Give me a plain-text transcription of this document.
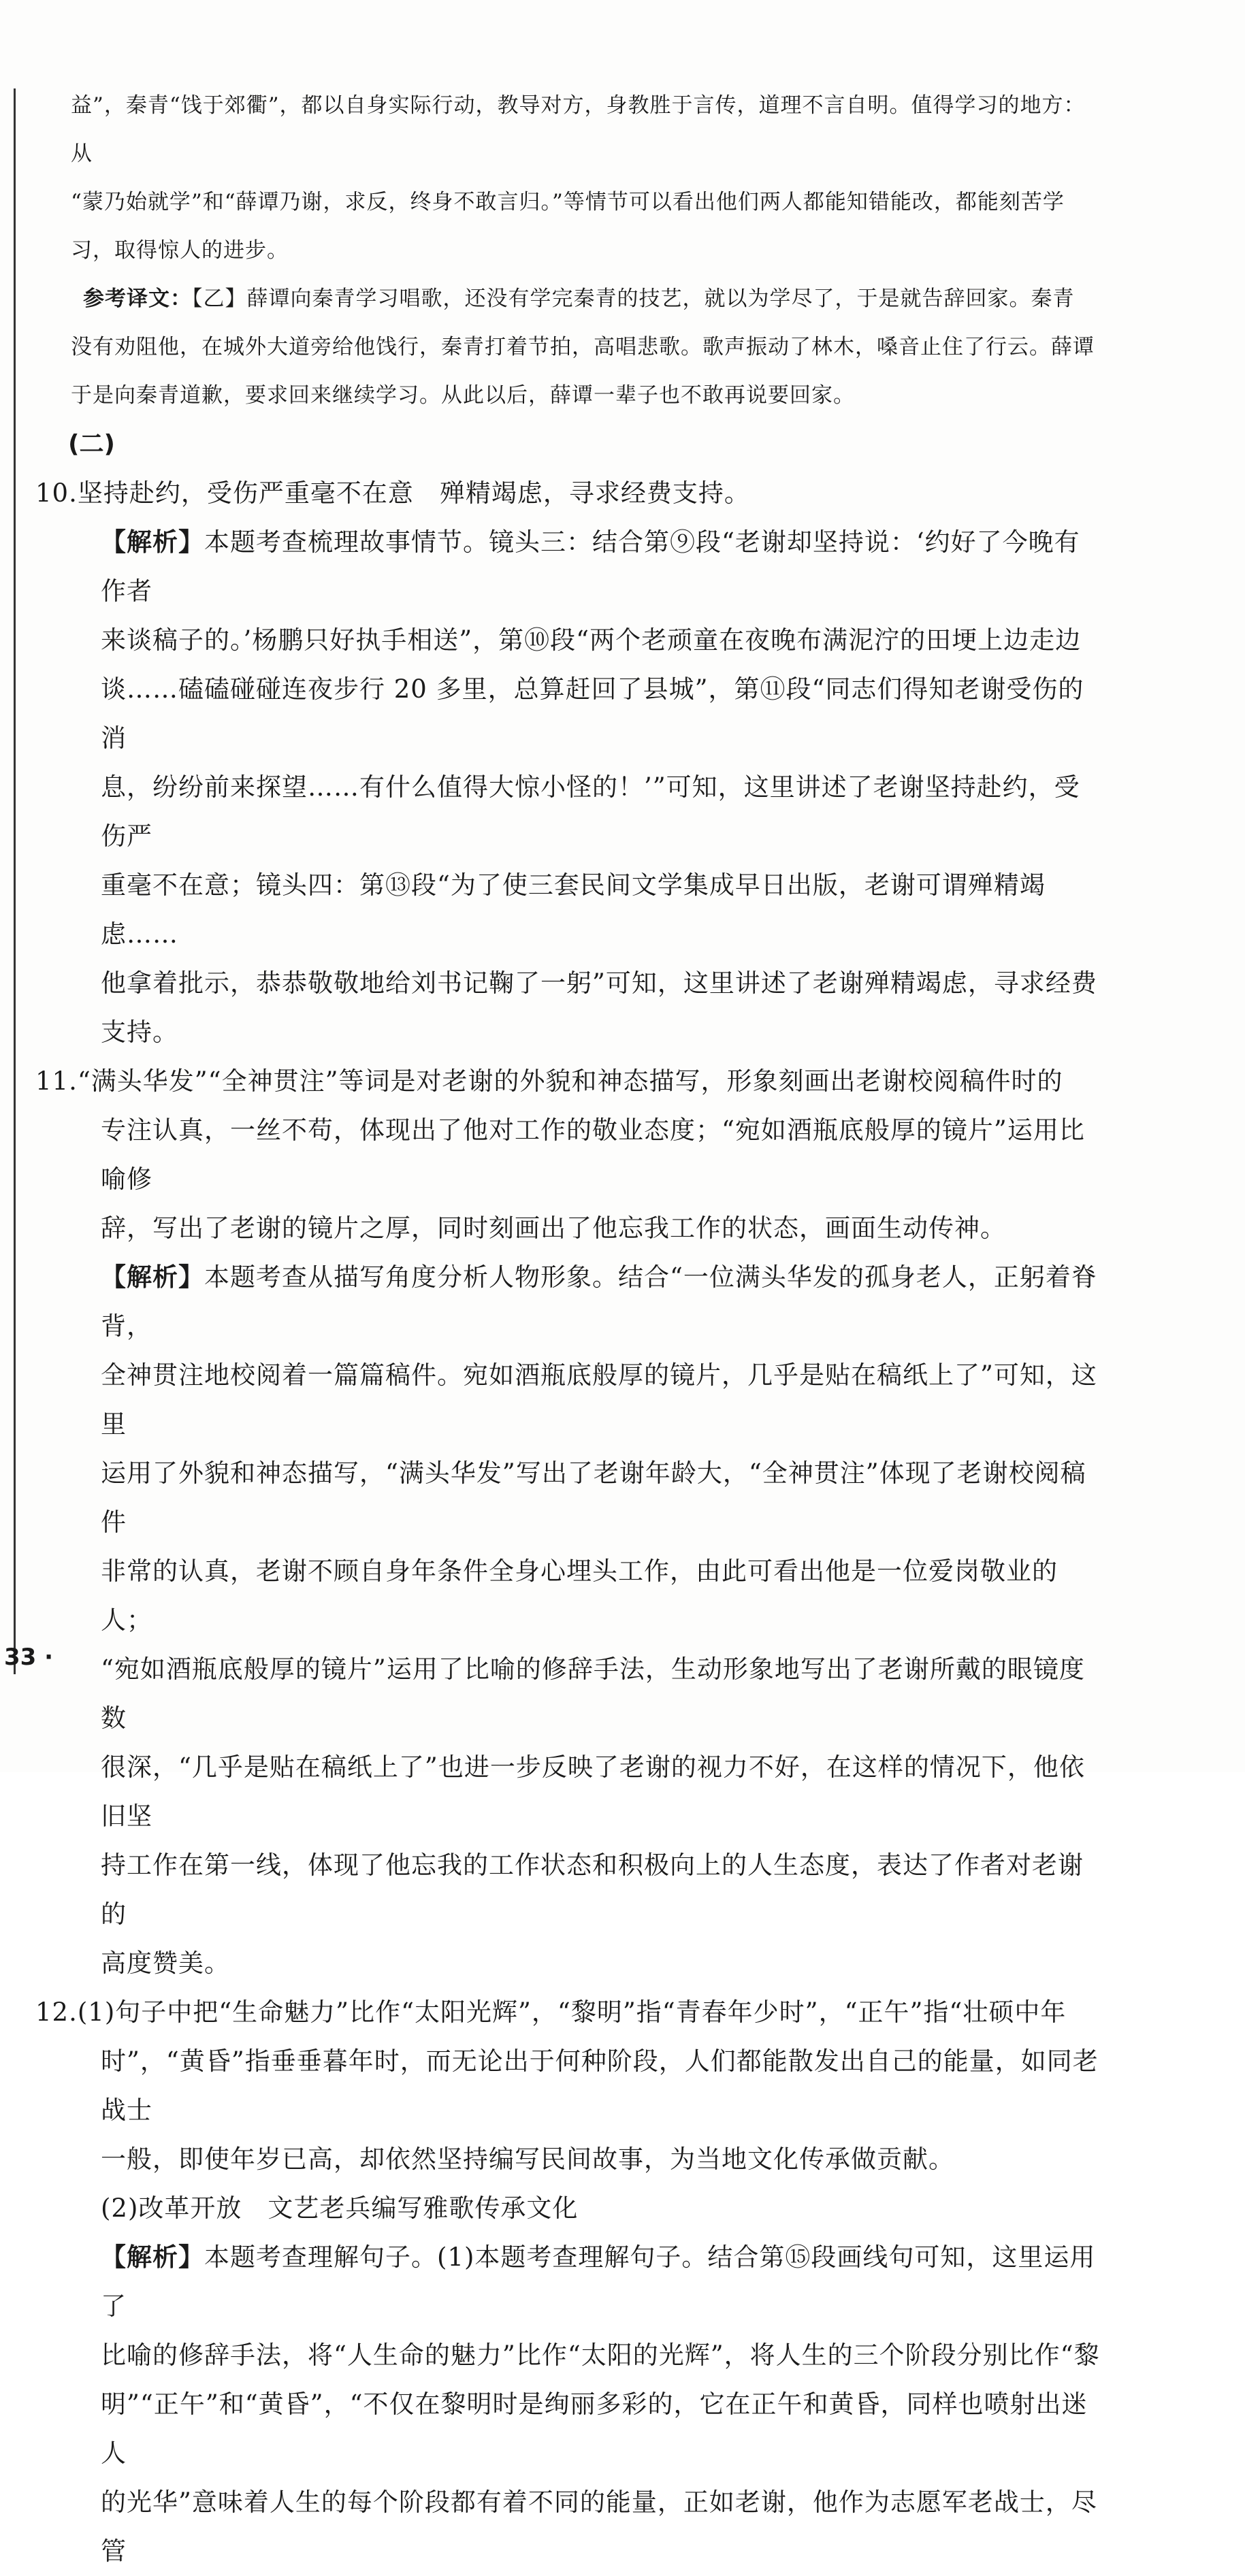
益”，秦青“饯于郊衢”，都以自身实际行动，教导对方，身教胜于言传，道理不言自明。值得学习的地方：从

“蒙乃始就学”和“薛谭乃谢，求反，终身不敢言归。”等情节可以看出他们两人都能知错能改，都能刻苦学

习，取得惊人的进步。

参考译文：【乙】薛谭向秦青学习唱歌，还没有学完秦青的技艺，就以为学尽了，于是就告辞回家。秦青

没有劝阻他，在城外大道旁给他饯行，秦青打着节拍，高唱悲歌。歌声振动了林木，嗓音止住了行云。薛谭

于是向秦青道歉，要求回来继续学习。从此以后，薛谭一辈子也不敢再说要回家。

(二)

10.坚持赴约，受伤严重毫不在意　殚精竭虑，寻求经费支持。

【解析】本题考查梳理故事情节。镜头三：结合第⑨段“老谢却坚持说：‘约好了今晚有作者

来谈稿子的。’杨鹏只好执手相送”，第⑩段“两个老顽童在夜晚布满泥泞的田埂上边走边

谈……磕磕碰碰连夜步行 20 多里，总算赶回了县城”，第⑪段“同志们得知老谢受伤的消

息，纷纷前来探望……有什么值得大惊小怪的！’”可知，这里讲述了老谢坚持赴约，受伤严

重毫不在意；镜头四：第⑬段“为了使三套民间文学集成早日出版，老谢可谓殚精竭虑……

他拿着批示，恭恭敬敬地给刘书记鞠了一躬”可知，这里讲述了老谢殚精竭虑，寻求经费

支持。

11.“满头华发”“全神贯注”等词是对老谢的外貌和神态描写，形象刻画出老谢校阅稿件时的

专注认真，一丝不苟，体现出了他对工作的敬业态度；“宛如酒瓶底般厚的镜片”运用比喻修

辞，写出了老谢的镜片之厚，同时刻画出了他忘我工作的状态，画面生动传神。

【解析】本题考查从描写角度分析人物形象。结合“一位满头华发的孤身老人，正躬着脊背，

全神贯注地校阅着一篇篇稿件。宛如酒瓶底般厚的镜片，几乎是贴在稿纸上了”可知，这里

运用了外貌和神态描写，“满头华发”写出了老谢年龄大，“全神贯注”体现了老谢校阅稿件

非常的认真，老谢不顾自身年条件全身心埋头工作，由此可看出他是一位爱岗敬业的人；

“宛如酒瓶底般厚的镜片”运用了比喻的修辞手法，生动形象地写出了老谢所戴的眼镜度数

很深，“几乎是贴在稿纸上了”也进一步反映了老谢的视力不好，在这样的情况下，他依旧坚

持工作在第一线，体现了他忘我的工作状态和积极向上的人生态度，表达了作者对老谢的

高度赞美。

12.(1)句子中把“生命魅力”比作“太阳光辉”，“黎明”指“青春年少时”，“正午”指“壮硕中年

时”，“黄昏”指垂垂暮年时，而无论出于何种阶段，人们都能散发出自己的能量，如同老战士

一般，即使年岁已高，却依然坚持编写民间故事，为当地文化传承做贡献。

(2)改革开放　文艺老兵编写雅歌传承文化

【解析】本题考查理解句子。(1)本题考查理解句子。结合第⑮段画线句可知，这里运用了

比喻的修辞手法，将“人生命的魅力”比作“太阳的光辉”，将人生的三个阶段分别比作“黎

明”“正午”和“黄昏”，“不仅在黎明时是绚丽多彩的，它在正午和黄昏，同样也喷射出迷人

的光华”意味着人生的每个阶段都有着不同的能量，正如老谢，他作为志愿军老战士，尽管

33 ·
